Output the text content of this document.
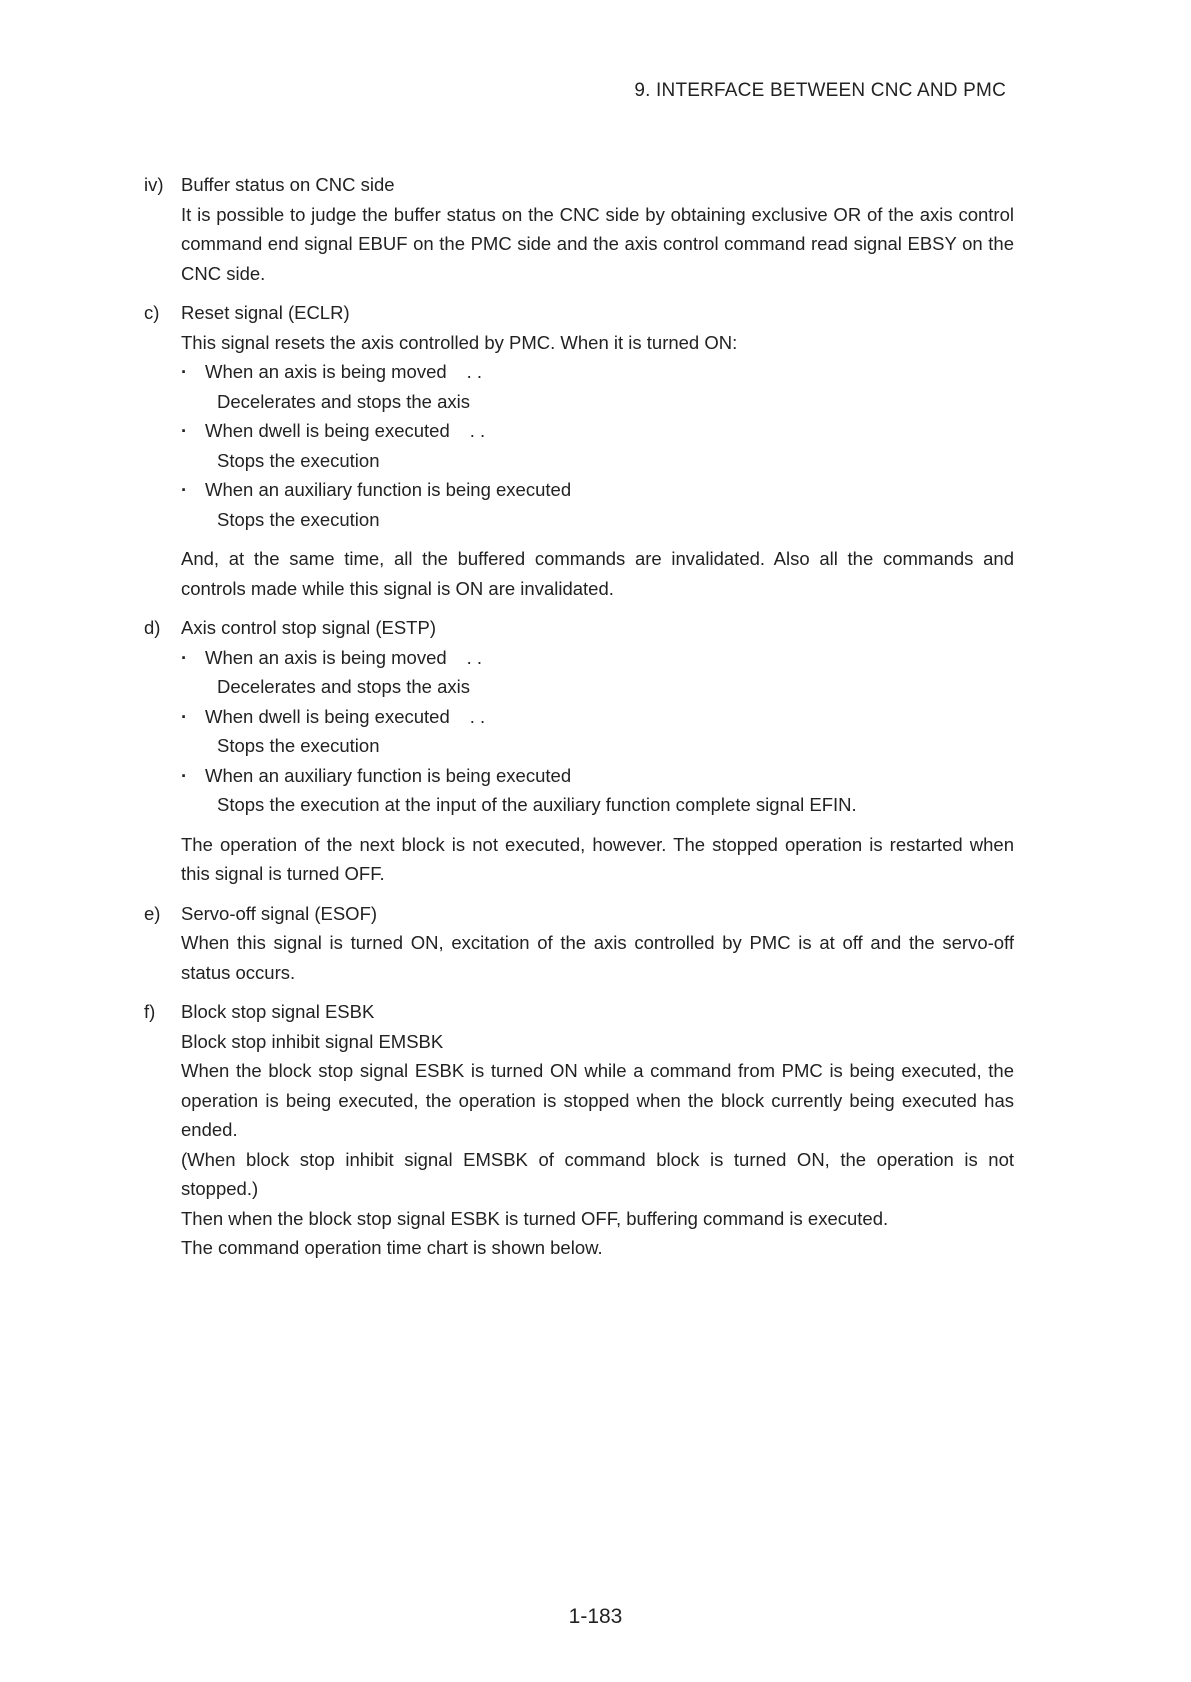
9. INTERFACE BETWEEN CNC AND PMC
iv) Buffer status on CNC side
It is possible to judge the buffer status on the CNC side by obtaining exclusive OR of the axis control command end signal EBUF on the PMC side and the axis control command read signal EBSY on the CNC side.
c)	Reset signal (ECLR)
This signal resets the axis controlled by PMC. When it is turned ON:
· When an axis is being moved . .
Decelerates and stops the axis
· When dwell is being executed . .
Stops the execution
· When an auxiliary function is being executed
Stops the execution
And, at the same time, all the buffered commands are invalidated. Also all the commands and controls made while this signal is ON are invalidated.
d)	Axis control stop signal (ESTP)
· When an axis is being moved . .
Decelerates and stops the axis
· When dwell is being executed . .
Stops the execution
· When an auxiliary function is being executed
Stops the execution at the input of the auxiliary function complete signal EFIN.
The operation of the next block is not executed, however. The stopped operation is restarted when this signal is turned OFF.
e)	Servo-off signal (ESOF)
When this signal is turned ON, excitation of the axis controlled by PMC is at off and the servo-off status occurs.
f)	Block stop signal ESBK
Block stop inhibit signal EMSBK
When the block stop signal ESBK is turned ON while a command from PMC is being executed, the operation is being executed, the operation is stopped when the block currently being executed has ended.
(When block stop inhibit signal EMSBK of command block is turned ON, the operation is not stopped.)
Then when the block stop signal ESBK is turned OFF, buffering command is executed.
The command operation time chart is shown below.
1-183
